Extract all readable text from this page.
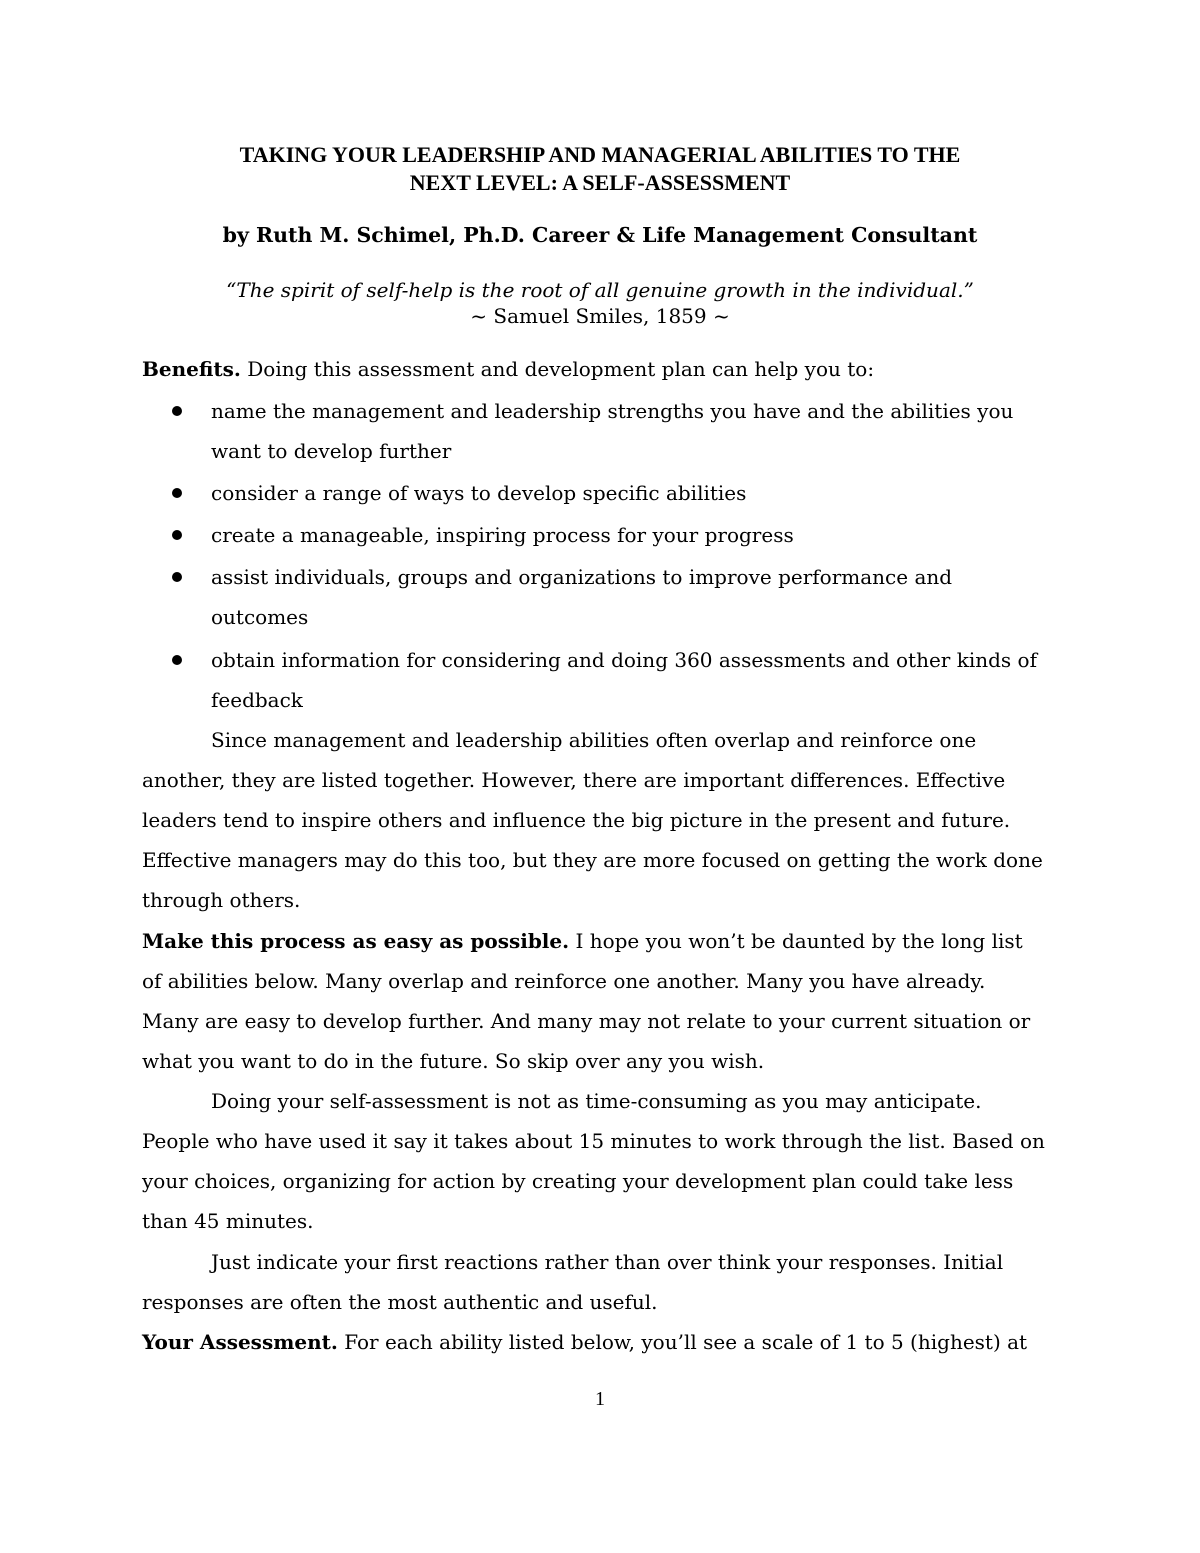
TAKING YOUR LEADERSHIP AND MANAGERIAL ABILITIES TO THE
NEXT LEVEL: A SELF-ASSESSMENT
by Ruth M. Schimel, Ph.D. Career & Life Management Consultant
“The spirit of self-help is the root of all genuine growth in the individual.”
~ Samuel Smiles, 1859 ~
Benefits. Doing this assessment and development plan can help you to:
name the management and leadership strengths you have and the abilities you
want to develop further
consider a range of ways to develop specific abilities
create a manageable, inspiring process for your progress
assist individuals, groups and organizations to improve performance and
outcomes
obtain information for considering and doing 360 assessments and other kinds of
feedback
Since management and leadership abilities often overlap and reinforce one
another, they are listed together. However, there are important differences. Effective
leaders tend to inspire others and influence the big picture in the present and future.
Effective managers may do this too, but they are more focused on getting the work done
through others.
Make this process as easy as possible. I hope you won’t be daunted by the long list
of abilities below. Many overlap and reinforce one another. Many you have already.
Many are easy to develop further. And many may not relate to your current situation or
what you want to do in the future. So skip over any you wish.
Doing your self-assessment is not as time-consuming as you may anticipate.
People who have used it say it takes about 15 minutes to work through the list. Based on
your choices, organizing for action by creating your development plan could take less
than 45 minutes.
Just indicate your first reactions rather than over think your responses. Initial
responses are often the most authentic and useful.
Your Assessment. For each ability listed below, you’ll see a scale of 1 to 5 (highest) at
1
